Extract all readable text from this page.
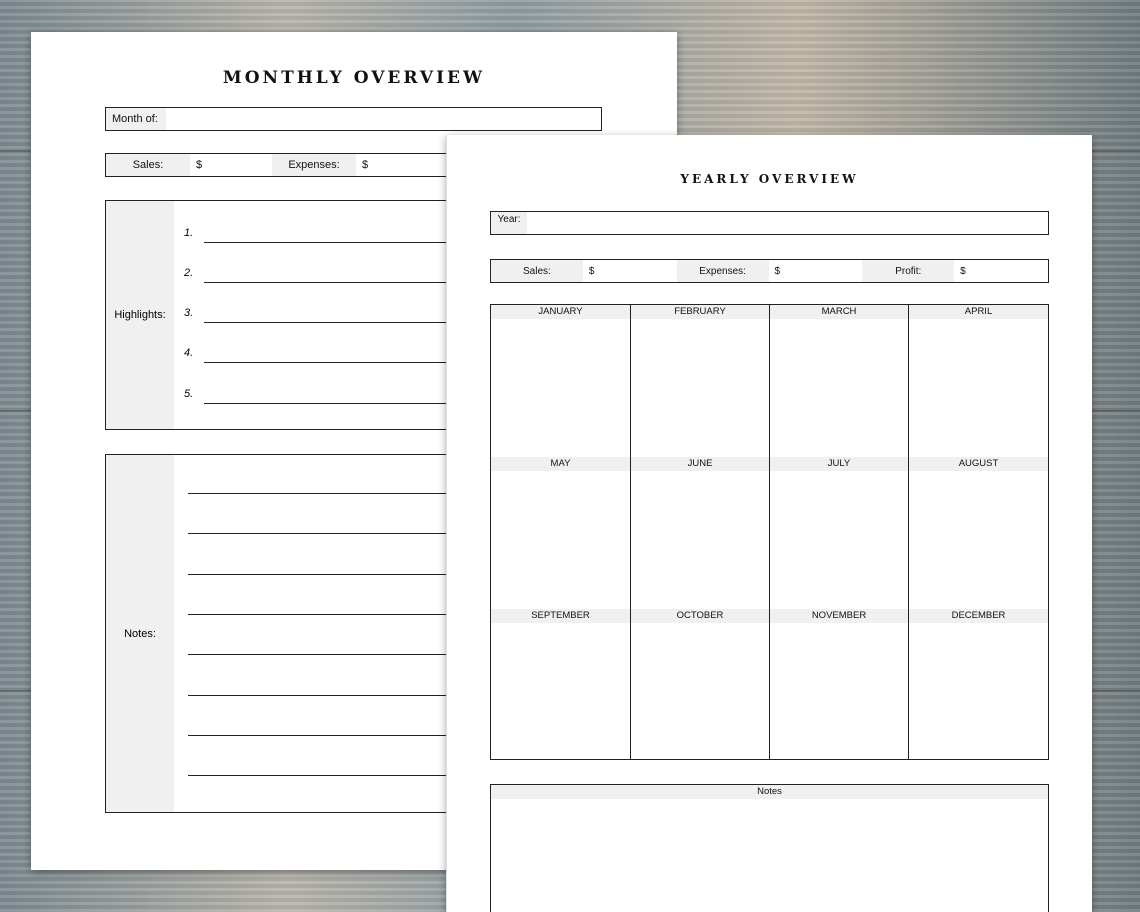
MONTHLY OVERVIEW
Month of:
Sales:	$	Expenses:	$
Highlights:
1.
2.
3.
4.
5.
Notes:
YEARLY OVERVIEW
Year:
Sales:	$	Expenses:	$	Profit:	$
JANUARY	FEBRUARY	MARCH	APRIL
MAY	JUNE	JULY	AUGUST
SEPTEMBER	OCTOBER	NOVEMBER	DECEMBER
Notes
